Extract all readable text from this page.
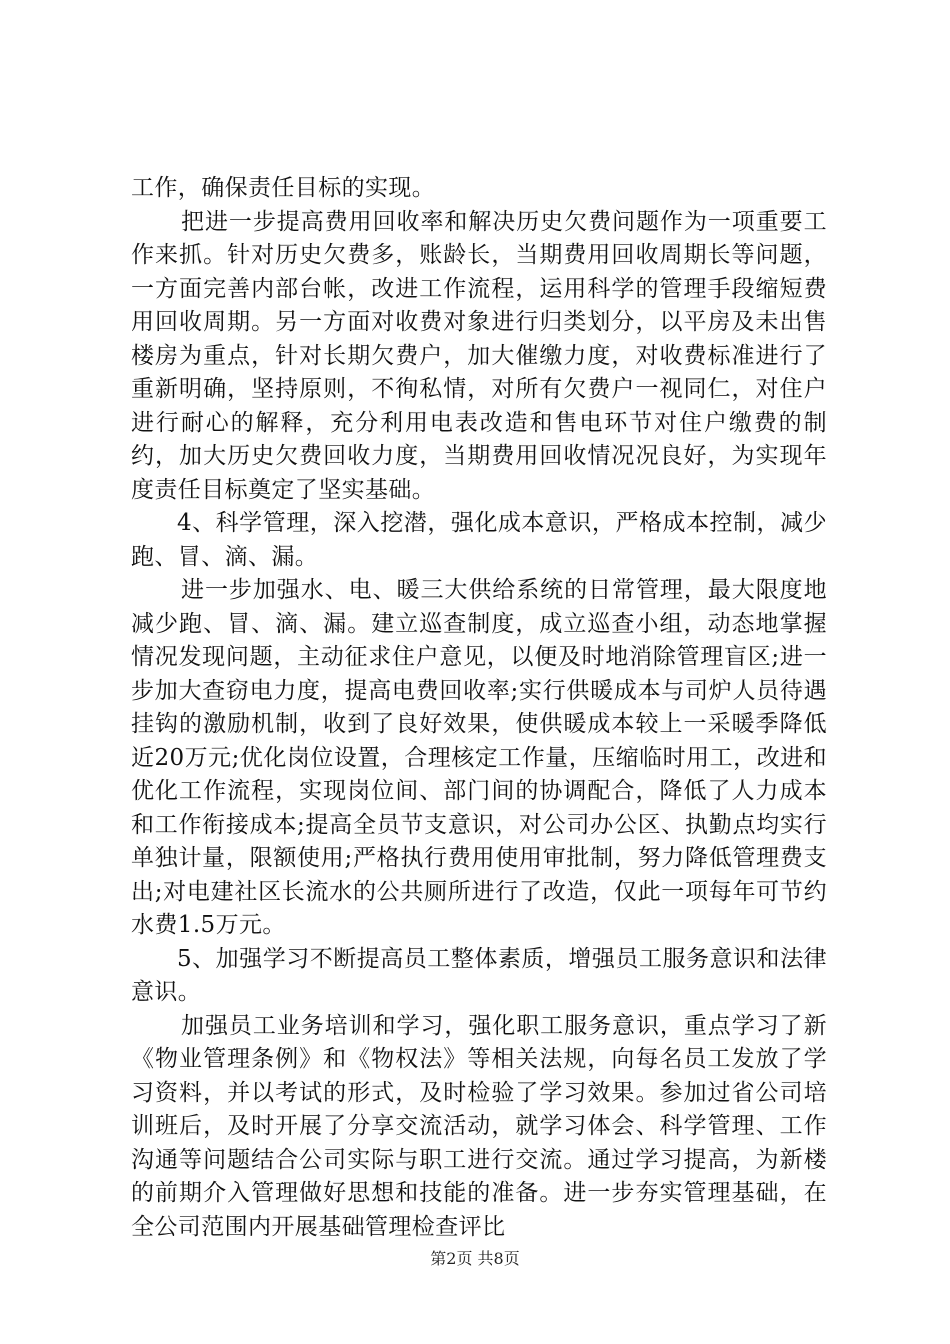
工作，确保责任目标的实现。

把进一步提高费用回收率和解决历史欠费问题作为一项重要工作来抓。针对历史欠费多，账龄长，当期费用回收周期长等问题，一方面完善内部台帐，改进工作流程，运用科学的管理手段缩短费用回收周期。另一方面对收费对象进行归类划分，以平房及未出售楼房为重点，针对长期欠费户，加大催缴力度，对收费标准进行了重新明确，坚持原则，不徇私情，对所有欠费户一视同仁，对住户进行耐心的解释，充分利用电表改造和售电环节对住户缴费的制约，加大历史欠费回收力度，当期费用回收情况况良好，为实现年度责任目标奠定了坚实基础。

4、科学管理，深入挖潜，强化成本意识，严格成本控制，减少跑、冒、滴、漏。

进一步加强水、电、暖三大供给系统的日常管理，最大限度地减少跑、冒、滴、漏。建立巡查制度，成立巡查小组，动态地掌握情况发现问题，主动征求住户意见，以便及时地消除管理盲区;进一步加大查窃电力度，提高电费回收率;实行供暖成本与司炉人员待遇挂钩的激励机制，收到了良好效果，使供暖成本较上一采暖季降低近20万元;优化岗位设置，合理核定工作量，压缩临时用工，改进和优化工作流程，实现岗位间、部门间的协调配合，降低了人力成本和工作衔接成本;提高全员节支意识，对公司办公区、执勤点均实行单独计量，限额使用;严格执行费用使用审批制，努力降低管理费支出;对电建社区长流水的公共厕所进行了改造，仅此一项每年可节约水费1.5万元。

5、加强学习不断提高员工整体素质，增强员工服务意识和法律意识。

加强员工业务培训和学习，强化职工服务意识，重点学习了新《物业管理条例》和《物权法》等相关法规，向每名员工发放了学习资料，并以考试的形式，及时检验了学习效果。参加过省公司培训班后，及时开展了分享交流活动，就学习体会、科学管理、工作沟通等问题结合公司实际与职工进行交流。通过学习提高，为新楼的前期介入管理做好思想和技能的准备。进一步夯实管理基础，在全公司范围内开展基础管理检查评比

第2页 共8页
